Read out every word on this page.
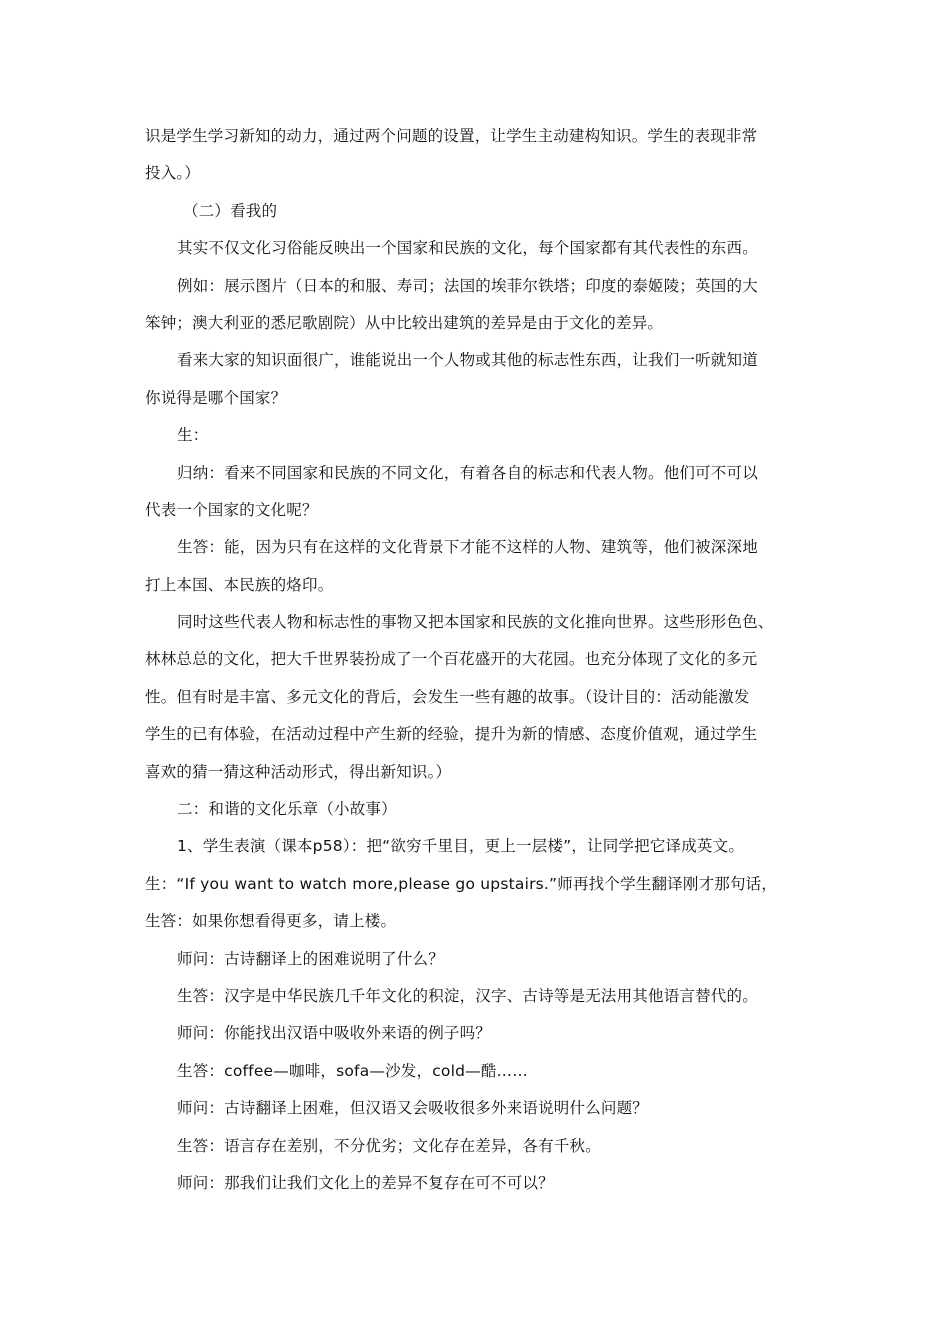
识是学生学习新知的动力，通过两个问题的设置，让学生主动建构知识。学生的表现非常
投入。）
（二）看我的
其实不仅文化习俗能反映出一个国家和民族的文化，每个国家都有其代表性的东西。
例如：展示图片（日本的和服、寿司；法国的埃菲尔铁塔；印度的泰姬陵；英国的大
笨钟；澳大利亚的悉尼歌剧院）从中比较出建筑的差异是由于文化的差异。
看来大家的知识面很广，谁能说出一个人物或其他的标志性东西，让我们一听就知道
你说得是哪个国家？
生：
归纳：看来不同国家和民族的不同文化，有着各自的标志和代表人物。他们可不可以
代表一个国家的文化呢？
生答：能，因为只有在这样的文化背景下才能不这样的人物、建筑等，他们被深深地
打上本国、本民族的烙印。
同时这些代表人物和标志性的事物又把本国家和民族的文化推向世界。这些形形色色、
林林总总的文化，把大千世界装扮成了一个百花盛开的大花园。也充分体现了文化的多元
性。但有时是丰富、多元文化的背后，会发生一些有趣的故事。（设计目的：活动能激发
学生的已有体验，在活动过程中产生新的经验，提升为新的情感、态度价值观，通过学生
喜欢的猜一猜这种活动形式，得出新知识。）
二：和谐的文化乐章（小故事）
1、学生表演（课本p58）：把“欲穷千里目，更上一层楼”，让同学把它译成英文。
生：“If you want to watch more,please go upstairs.”师再找个学生翻译刚才那句话，
生答：如果你想看得更多，请上楼。
师问：古诗翻译上的困难说明了什么？
生答：汉字是中华民族几千年文化的积淀，汉字、古诗等是无法用其他语言替代的。
师问：你能找出汉语中吸收外来语的例子吗？
生答：coffee—咖啡，sofa—沙发，cold—酷……
师问：古诗翻译上困难，但汉语又会吸收很多外来语说明什么问题？
生答：语言存在差别，不分优劣；文化存在差异，各有千秋。
师问：那我们让我们文化上的差异不复存在可不可以？
